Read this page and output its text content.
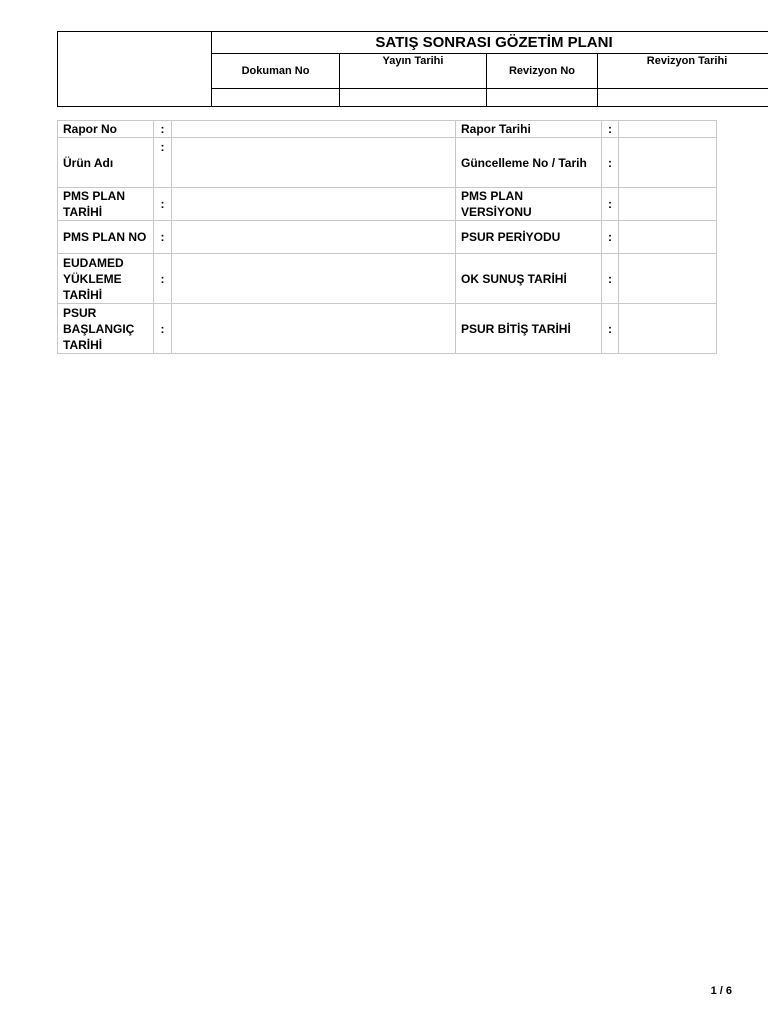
	SATIŞ SONRASI GÖZETİM PLANI			
	Dokuman No	Yayın Tarihi	Revizyon No	Revizyon Tarihi

Rapor No	:		Rapor Tarihi	:	
Ürün Adı	:		Güncelleme No / Tarih	:	
PMS PLAN TARİHİ	:		PMS PLAN VERSİYONU	:	
PMS PLAN NO	:		PSUR PERİYODU	:	
EUDAMED YÜKLEME TARİHİ	:		OK SUNUŞ TARİHİ	:	
PSUR BAŞLANGIÇ TARİHİ	:		PSUR BİTİŞ TARİHİ	:	
1 / 6
